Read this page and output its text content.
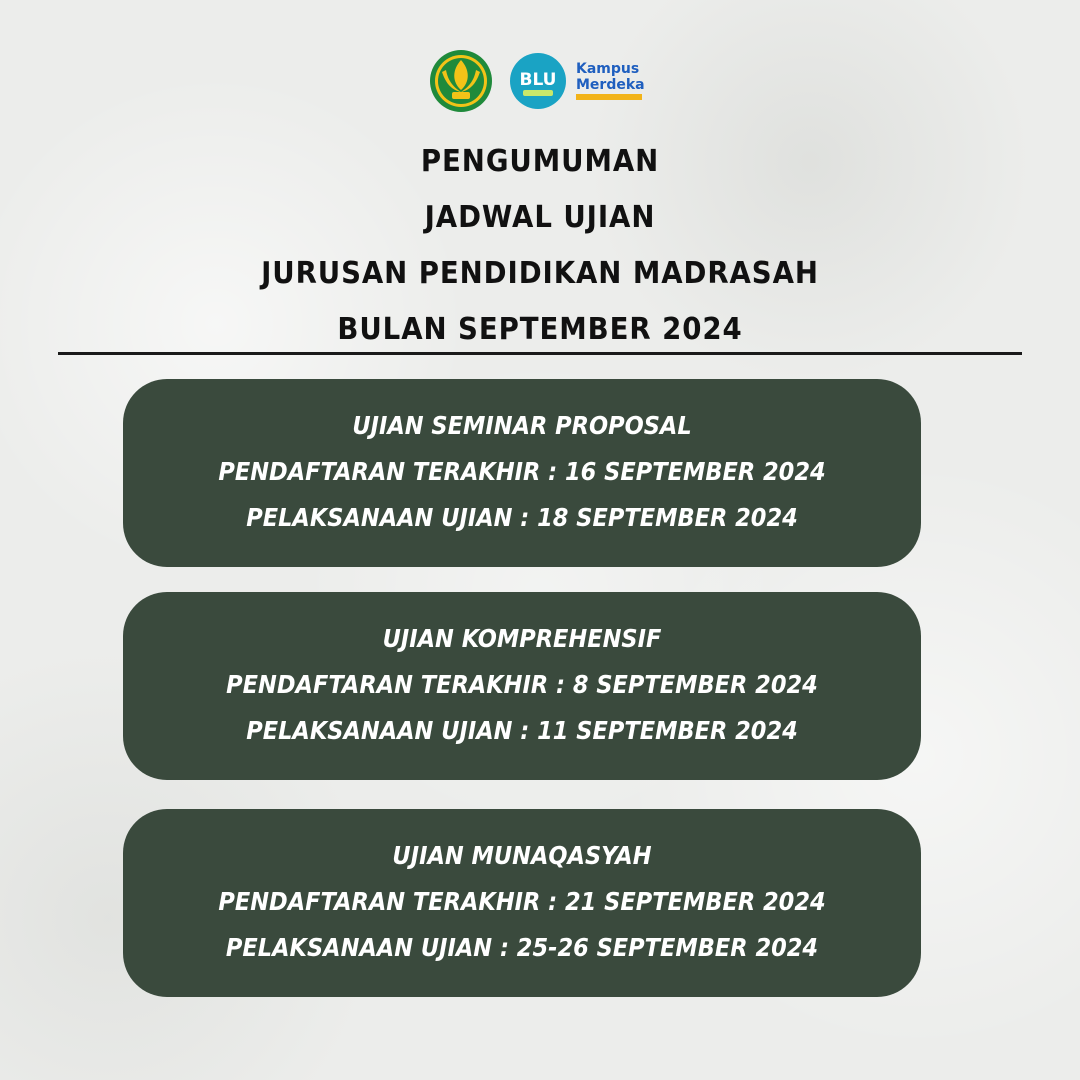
BLU
Kampus
Merdeka
PENGUMUMAN
JADWAL UJIAN
JURUSAN PENDIDIKAN MADRASAH
BULAN SEPTEMBER 2024
UJIAN SEMINAR PROPOSAL
PENDAFTARAN TERAKHIR : 16 SEPTEMBER 2024
PELAKSANAAN UJIAN : 18 SEPTEMBER 2024
UJIAN KOMPREHENSIF
PENDAFTARAN TERAKHIR : 8 SEPTEMBER 2024
PELAKSANAAN UJIAN : 11 SEPTEMBER 2024
UJIAN MUNAQASYAH
PENDAFTARAN TERAKHIR : 21 SEPTEMBER 2024
PELAKSANAAN UJIAN : 25-26 SEPTEMBER 2024
